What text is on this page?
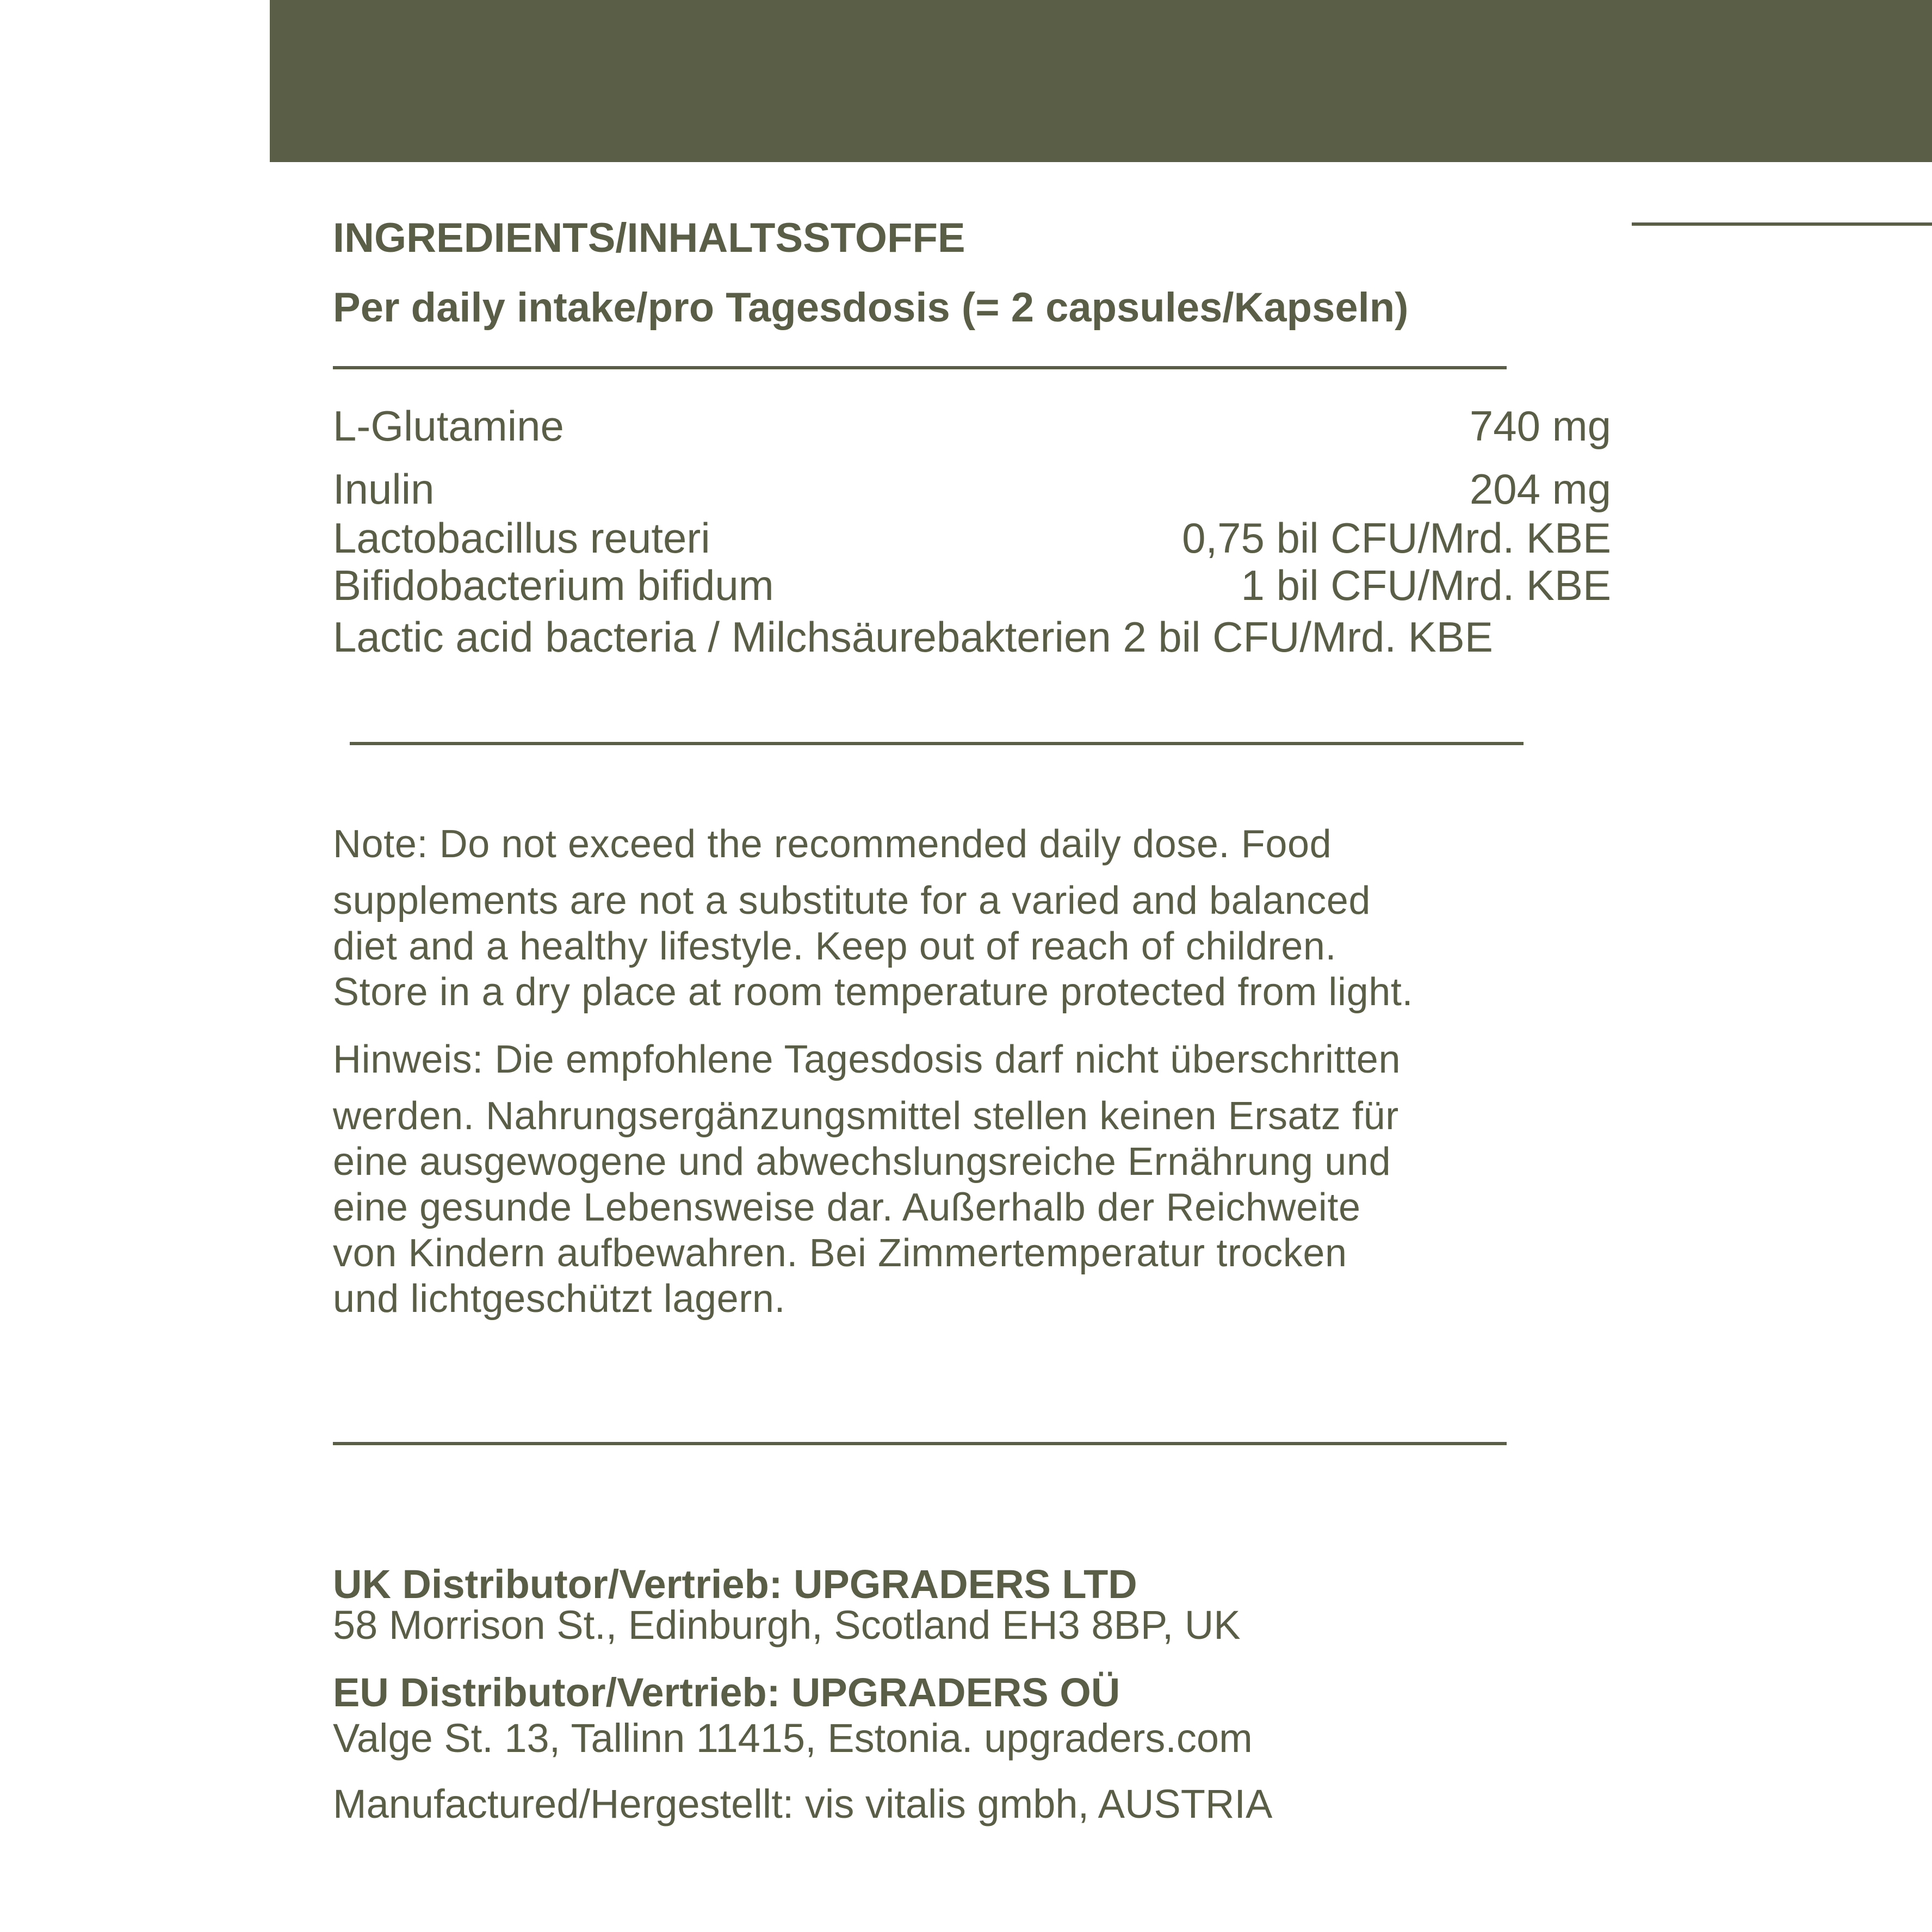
INGREDIENTS/INHALTSSTOFFE
Per daily intake/pro Tagesdosis (= 2 capsules/Kapseln)
L-Glutamine	740 mg
Inulin	204 mg
Lactobacillus reuteri	0,75 bil CFU/Mrd. KBE
Bifidobacterium bifidum	1 bil CFU/Mrd. KBE
Lactic acid bacteria / Milchsäurebakterien 2 bil CFU/Mrd. KBE
Note: Do not exceed the recommended daily dose. Food
supplements are not a substitute for a varied and balanced
diet and a healthy lifestyle. Keep out of reach of children.
Store in a dry place at room temperature protected from light.
Hinweis: Die empfohlene Tagesdosis darf nicht überschritten
werden. Nahrungsergänzungsmittel stellen keinen Ersatz für
eine ausgewogene und abwechslungsreiche Ernährung und
eine gesunde Lebensweise dar. Außerhalb der Reichweite
von Kindern aufbewahren. Bei Zimmertemperatur trocken
und lichtgeschützt lagern.
UK Distributor/Vertrieb: UPGRADERS LTD
58 Morrison St., Edinburgh, Scotland EH3 8BP, UK
EU Distributor/Vertrieb: UPGRADERS OÜ
Valge St. 13, Tallinn 11415, Estonia. upgraders.com
Manufactured/Hergestellt: vis vitalis gmbh, AUSTRIA
